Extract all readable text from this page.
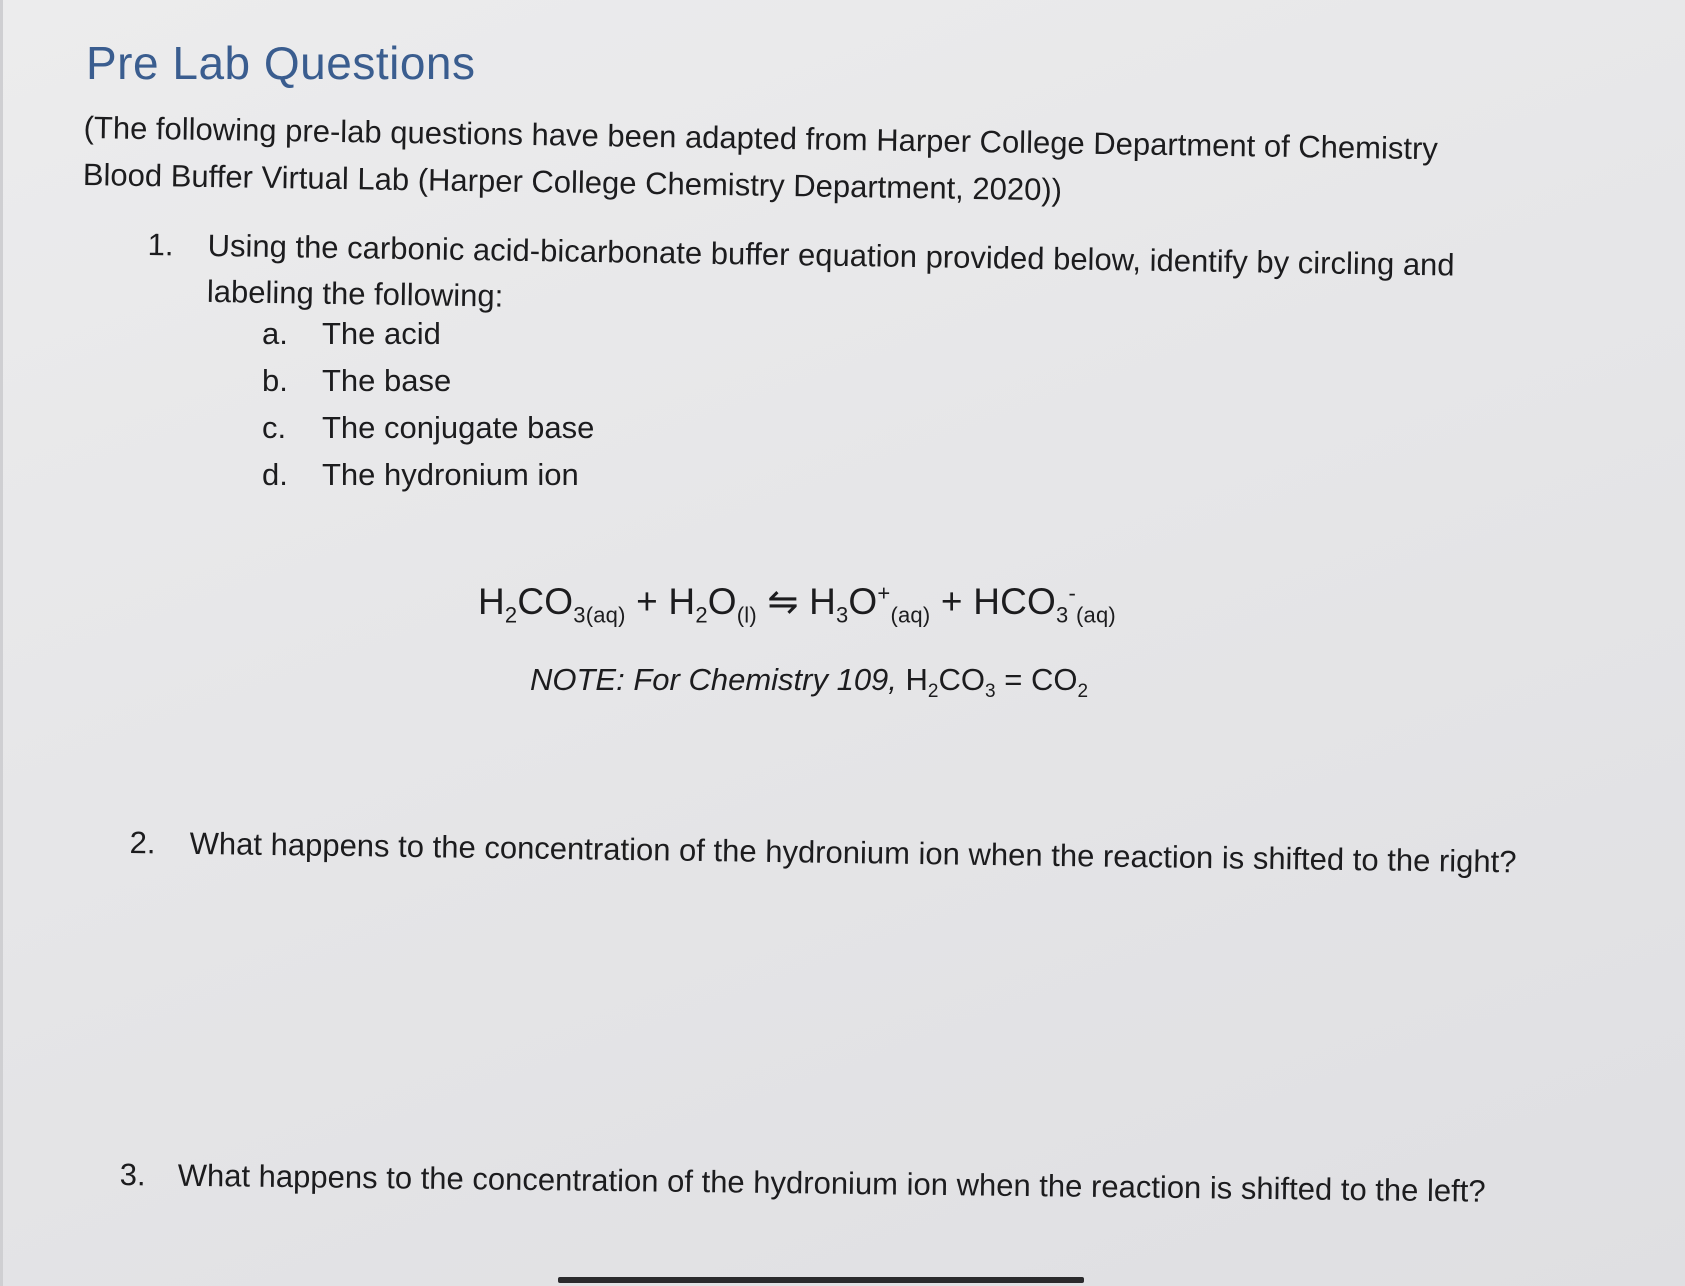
Pre Lab Questions

(The following pre-lab questions have been adapted from Harper College Department of Chemistry Blood Buffer Virtual Lab (Harper College Chemistry Department, 2020))

1. Using the carbonic acid-bicarbonate buffer equation provided below, identify by circling and labeling the following:
a. The acid
b. The base
c. The conjugate base
d. The hydronium ion
$H_2CO_{3(aq)} + H_2O_{(l)}$ ⇋ $H_3O^+_{(aq)} + HCO_3^-_{(aq)}$
NOTE: For Chemistry 109, $H_2CO_3 = CO_2$
2. What happens to the concentration of the hydronium ion when the reaction is shifted to the right?
3. What happens to the concentration of the hydronium ion when the reaction is shifted to the left?
